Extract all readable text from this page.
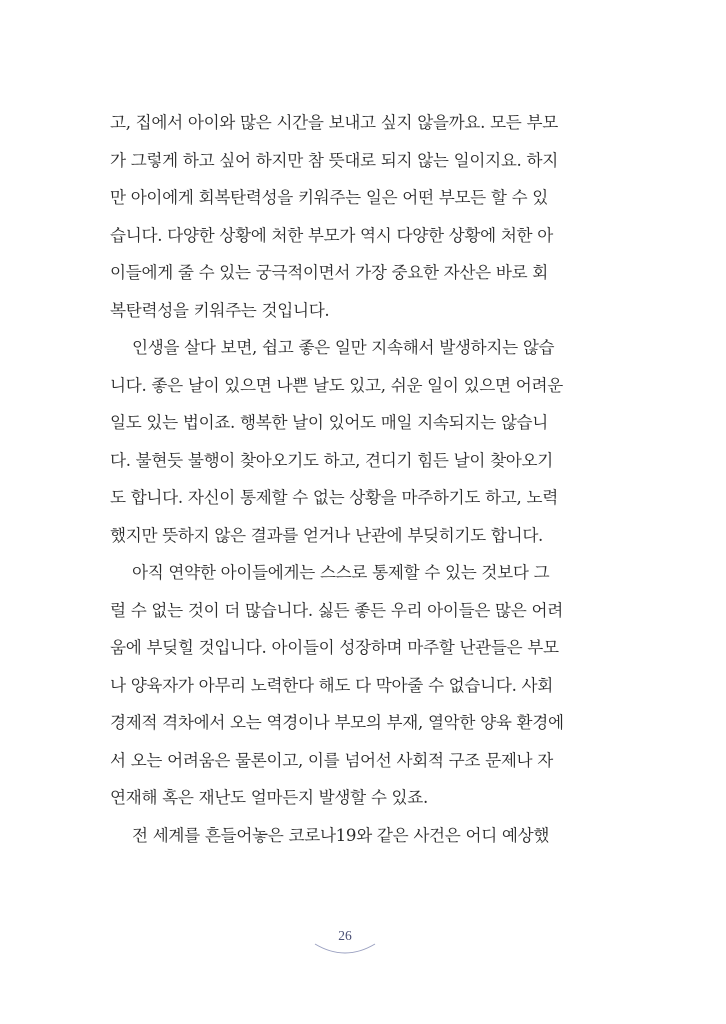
고, 집에서 아이와 많은 시간을 보내고 싶지 않을까요. 모든 부모
가 그렇게 하고 싶어 하지만 참 뜻대로 되지 않는 일이지요. 하지
만 아이에게 회복탄력성을 키워주는 일은 어떤 부모든 할 수 있
습니다. 다양한 상황에 처한 부모가 역시 다양한 상황에 처한 아
이들에게 줄 수 있는 궁극적이면서 가장 중요한 자산은 바로 회
복탄력성을 키워주는 것입니다.
인생을 살다 보면, 쉽고 좋은 일만 지속해서 발생하지는 않습
니다. 좋은 날이 있으면 나쁜 날도 있고, 쉬운 일이 있으면 어려운
일도 있는 법이죠. 행복한 날이 있어도 매일 지속되지는 않습니
다. 불현듯 불행이 찾아오기도 하고, 견디기 힘든 날이 찾아오기
도 합니다. 자신이 통제할 수 없는 상황을 마주하기도 하고, 노력
했지만 뜻하지 않은 결과를 얻거나 난관에 부딪히기도 합니다.
아직 연약한 아이들에게는 스스로 통제할 수 있는 것보다 그
럴 수 없는 것이 더 많습니다. 싫든 좋든 우리 아이들은 많은 어려
움에 부딪힐 것입니다. 아이들이 성장하며 마주할 난관들은 부모
나 양육자가 아무리 노력한다 해도 다 막아줄 수 없습니다. 사회
경제적 격차에서 오는 역경이나 부모의 부재, 열악한 양육 환경에
서 오는 어려움은 물론이고, 이를 넘어선 사회적 구조 문제나 자
연재해 혹은 재난도 얼마든지 발생할 수 있죠.
전 세계를 흔들어놓은 코로나19와 같은 사건은 어디 예상했
26
